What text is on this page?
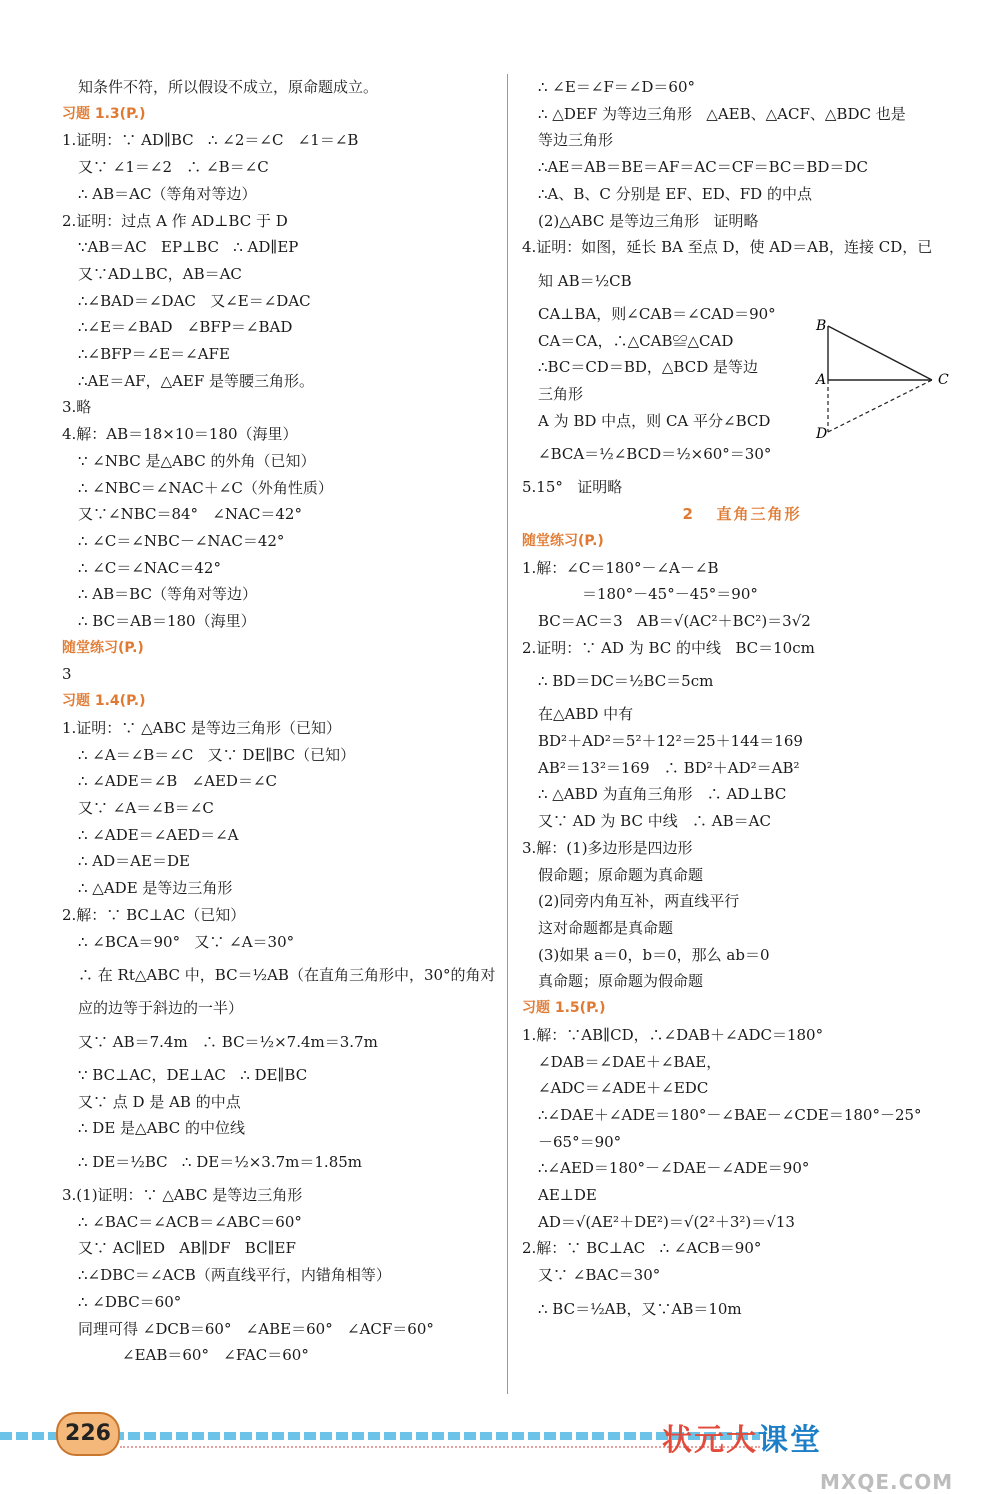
知条件不符，所以假设不成立，原命题成立。
习题 1.3(P.)
1.证明：∵ AD∥BC   ∴ ∠2＝∠C   ∠1＝∠B
又∵ ∠1＝∠2   ∴ ∠B＝∠C
∴ AB＝AC（等角对等边）
2.证明：过点 A 作 AD⊥BC 于 D
∵AB＝AC   EP⊥BC   ∴ AD∥EP
又∵AD⊥BC，AB＝AC
∴∠BAD＝∠DAC   又∠E＝∠DAC
∴∠E＝∠BAD   ∠BFP＝∠BAD
∴∠BFP＝∠E＝∠AFE
∴AE＝AF，△AEF 是等腰三角形。
3.略
4.解：AB＝18×10＝180（海里）
∵ ∠NBC 是△ABC 的外角（已知）
∴ ∠NBC＝∠NAC＋∠C（外角性质）
又∵∠NBC＝84°   ∠NAC＝42°
∴ ∠C＝∠NBC－∠NAC＝42°
∴ ∠C＝∠NAC＝42°
∴ AB＝BC（等角对等边）
∴ BC＝AB＝180（海里）
随堂练习(P.)
3
习题 1.4(P.)
1.证明：∵ △ABC 是等边三角形（已知）
∴ ∠A＝∠B＝∠C   又∵ DE∥BC（已知）
∴ ∠ADE＝∠B   ∠AED＝∠C
又∵ ∠A＝∠B＝∠C
∴ ∠ADE＝∠AED＝∠A
∴ AD＝AE＝DE
∴ △ADE 是等边三角形
2.解：∵ BC⊥AC（已知）
∴ ∠BCA＝90°   又∵ ∠A＝30°
∴ 在 Rt△ABC 中，BC＝½AB（在直角三角形中，30°的角对
应的边等于斜边的一半）
又∵ AB＝7.4m   ∴ BC＝½×7.4m＝3.7m
∵ BC⊥AC，DE⊥AC   ∴ DE∥BC
又∵ 点 D 是 AB 的中点
∴ DE 是△ABC 的中位线
∴ DE＝½BC   ∴ DE＝½×3.7m＝1.85m
3.(1)证明：∵ △ABC 是等边三角形
∴ ∠BAC＝∠ACB＝∠ABC＝60°
又∵ AC∥ED   AB∥DF   BC∥EF
∴∠DBC＝∠ACB（两直线平行，内错角相等）
∴ ∠DBC＝60°
同理可得 ∠DCB＝60°   ∠ABE＝60°   ∠ACF＝60°
∠EAB＝60°   ∠FAC＝60°
∴ ∠E＝∠F＝∠D＝60°
∴ △DEF 为等边三角形   △AEB、△ACF、△BDC 也是
等边三角形
∴AE＝AB＝BE＝AF＝AC＝CF＝BC＝BD＝DC
∴A、B、C 分别是 EF、ED、FD 的中点
(2)△ABC 是等边三角形   证明略
4.证明：如图，延长 BA 至点 D，使 AD＝AB，连接 CD，已
知 AB＝½CB
CA⊥BA，则∠CAB＝∠CAD＝90°
CA＝CA，∴△CAB≌△CAD
∴BC＝CD＝BD，△BCD 是等边
三角形
A 为 BD 中点，则 CA 平分∠BCD
∠BCA＝½∠BCD＝½×60°＝30°
5.15°   证明略
2   直角三角形
随堂练习(P.)
1.解：∠C＝180°－∠A－∠B
＝180°－45°－45°＝90°
BC＝AC＝3   AB＝√(AC²＋BC²)＝3√2
2.证明：∵ AD 为 BC 的中线   BC＝10cm
∴ BD＝DC＝½BC＝5cm
在△ABD 中有
BD²＋AD²＝5²＋12²＝25＋144＝169
AB²＝13²＝169   ∴ BD²＋AD²＝AB²
∴ △ABD 为直角三角形   ∴ AD⊥BC
又∵ AD 为 BC 中线   ∴ AB＝AC
3.解：(1)多边形是四边形
假命题；原命题为真命题
(2)同旁内角互补，两直线平行
这对命题都是真命题
(3)如果 a＝0，b＝0，那么 ab＝0
真命题；原命题为假命题
习题 1.5(P.)
1.解：∵AB∥CD，∴∠DAB＋∠ADC＝180°
∠DAB＝∠DAE＋∠BAE，
∠ADC＝∠ADE＋∠EDC
∴∠DAE＋∠ADE＝180°－∠BAE－∠CDE＝180°－25°
－65°＝90°
∴∠AED＝180°－∠DAE－∠ADE＝90°
AE⊥DE
AD＝√(AE²＋DE²)＝√(2²＋3²)＝√13
2.解：∵ BC⊥AC   ∴ ∠ACB＝90°
又∵ ∠BAC＝30°
∴ BC＝½AB，又∵AB＝10m
B
A
D
C
226	状元大课堂
MXQE.COM
